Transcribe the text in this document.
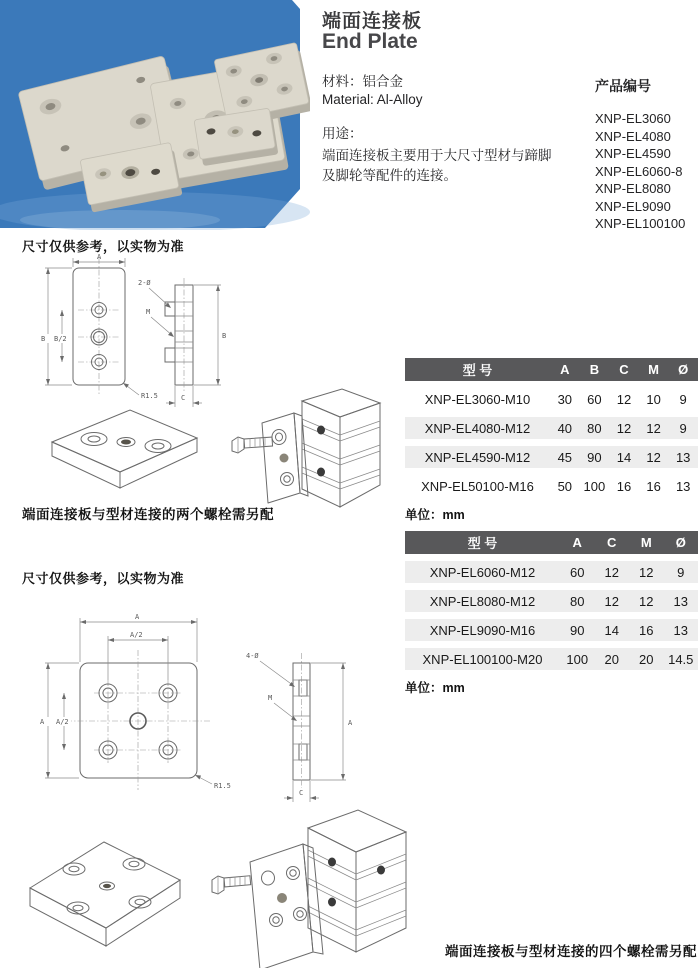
端面连接板
End Plate
材料：铝合金
Material: Al-Alloy
产品编号
XNP-EL3060
XNP-EL4080
XNP-EL4590
XNP-EL6060-8
XNP-EL8080
XNP-EL9090
XNP-EL100100
用途：
端面连接板主要用于大尺寸型材与蹄脚
及脚轮等配件的连接。
尺寸仅供参考，以实物为准
A
B B/2
R1.5
2-Ø
M
B
C
端面连接板与型材连接的两个螺栓需另配
型 号	A	B	C	M	Ø
XNP-EL3060-M10	30	60	12	10	9
XNP-EL4080-M12	40	80	12	12	9
XNP-EL4590-M12	45	90	14	12	13
XNP-EL50100-M16	50 100 16	16	13
单位：mm
尺寸仅供参考，以实物为准
型 号	A	C	M	Ø
XNP-EL6060-M12	60	12	12	9
XNP-EL8080-M12	80	12	12	13
XNP-EL9090-M16	90	14	16	13
XNP-EL100100-M20	100	20	20	14.5
单位：mm
A
A/2
A A/2
R1.5
4-Ø
M
A
C
端面连接板与型材连接的四个螺栓需另配
